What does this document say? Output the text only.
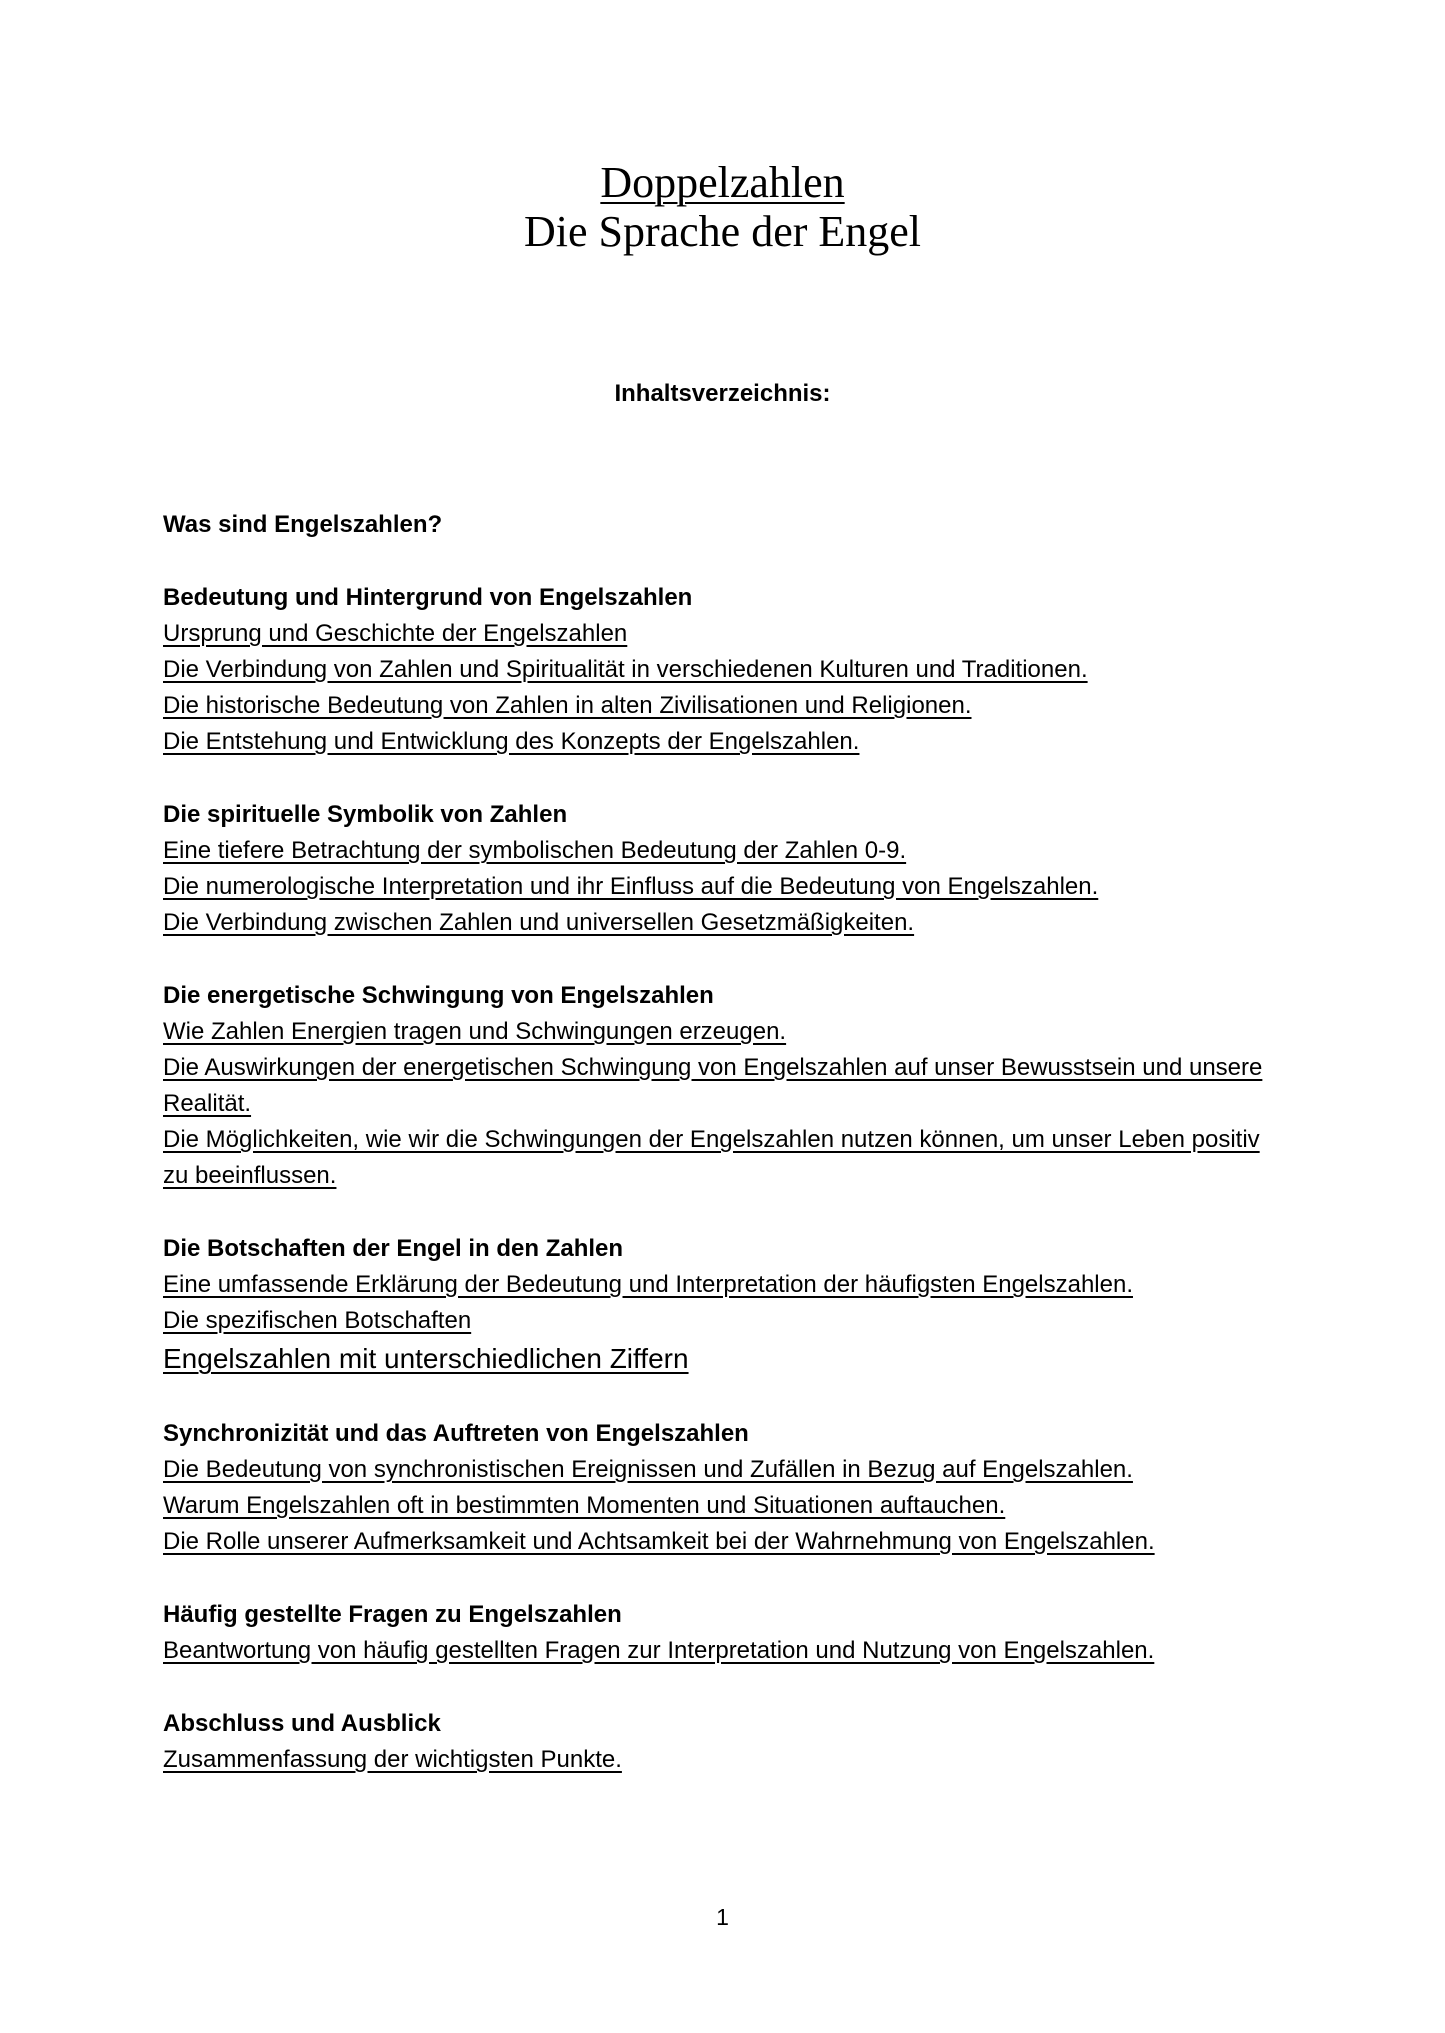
Doppelzahlen
Die Sprache der Engel
Inhaltsverzeichnis:
Was sind Engelszahlen?
Bedeutung und Hintergrund von Engelszahlen
Ursprung und Geschichte der Engelszahlen
Die Verbindung von Zahlen und Spiritualität in verschiedenen Kulturen und Traditionen.
Die historische Bedeutung von Zahlen in alten Zivilisationen und Religionen.
Die Entstehung und Entwicklung des Konzepts der Engelszahlen.
Die spirituelle Symbolik von Zahlen
Eine tiefere Betrachtung der symbolischen Bedeutung der Zahlen 0-9.
Die numerologische Interpretation und ihr Einfluss auf die Bedeutung von Engelszahlen.
Die Verbindung zwischen Zahlen und universellen Gesetzmäßigkeiten.
Die energetische Schwingung von Engelszahlen
Wie Zahlen Energien tragen und Schwingungen erzeugen.
Die Auswirkungen der energetischen Schwingung von Engelszahlen auf unser Bewusstsein und unsere Realität.
Die Möglichkeiten, wie wir die Schwingungen der Engelszahlen nutzen können, um unser Leben positiv zu beeinflussen.
Die Botschaften der Engel in den Zahlen
Eine umfassende Erklärung der Bedeutung und Interpretation der häufigsten Engelszahlen.
Die spezifischen Botschaften
Engelszahlen mit unterschiedlichen Ziffern
Synchronizität und das Auftreten von Engelszahlen
Die Bedeutung von synchronistischen Ereignissen und Zufällen in Bezug auf Engelszahlen.
Warum Engelszahlen oft in bestimmten Momenten und Situationen auftauchen.
Die Rolle unserer Aufmerksamkeit und Achtsamkeit bei der Wahrnehmung von Engelszahlen.
Häufig gestellte Fragen zu Engelszahlen
Beantwortung von häufig gestellten Fragen zur Interpretation und Nutzung von Engelszahlen.
Abschluss und Ausblick
Zusammenfassung der wichtigsten Punkte.
1
